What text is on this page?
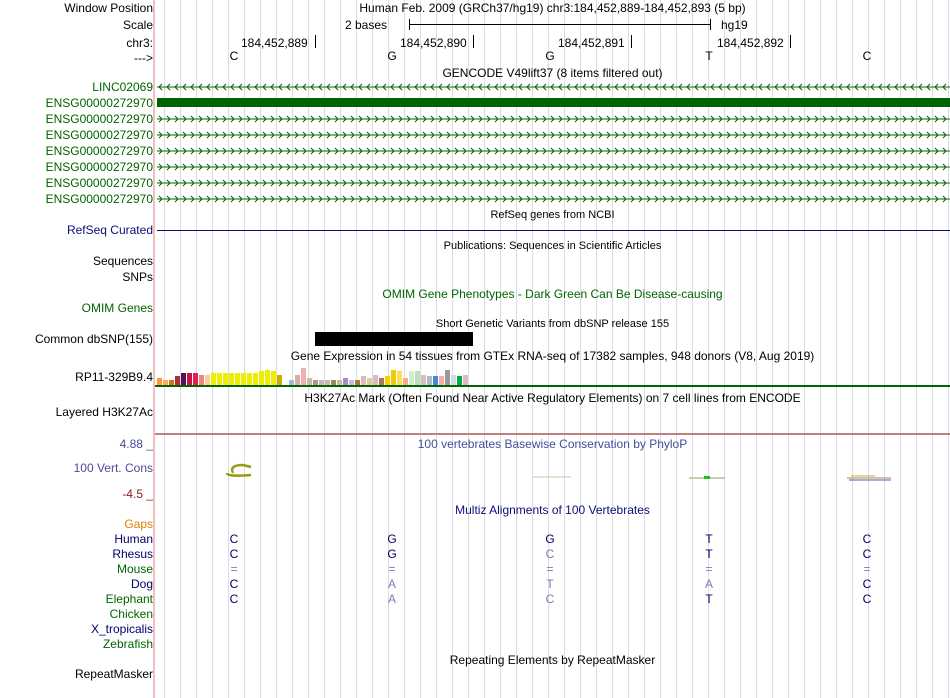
Window Position	Human Feb. 2009 (GRCh37/hg19) chr3:184,452,889-184,452,893 (5 bp)
Scale	2 bases	hg19
chr3:	184,452,889	184,452,890	184,452,891	184,452,892
--->	C	G	G	T	C
GENCODE V49lift37 (8 items filtered out)
LINC02069
ENSG00000272970
ENSG00000272970
ENSG00000272970
ENSG00000272970
ENSG00000272970
ENSG00000272970
ENSG00000272970
RefSeq genes from NCBI
RefSeq Curated
Publications: Sequences in Scientific Articles
Sequences
SNPs
OMIM Gene Phenotypes - Dark Green Can Be Disease-causing
OMIM Genes
Short Genetic Variants from dbSNP release 155
Common dbSNP(155)
Gene Expression in 54 tissues from GTEx RNA-seq of 17382 samples, 948 donors (V8, Aug 2019)
RP11-329B9.4
H3K27Ac Mark (Often Found Near Active Regulatory Elements) on 7 cell lines from ENCODE
Layered H3K27Ac
100 vertebrates Basewise Conservation by PhyloP
4.88 _
100 Vert. Cons
-4.5 _
Multiz Alignments of 100 Vertebrates
Gaps
Human	C	G	G	T	C
Rhesus	C	G	C	T	C
Mouse	=	=	=	=	=
Dog	C	A	T	A	C
Elephant	C	A	C	T	C
Chicken
X_tropicalis
Zebrafish
Repeating Elements by RepeatMasker
RepeatMasker
